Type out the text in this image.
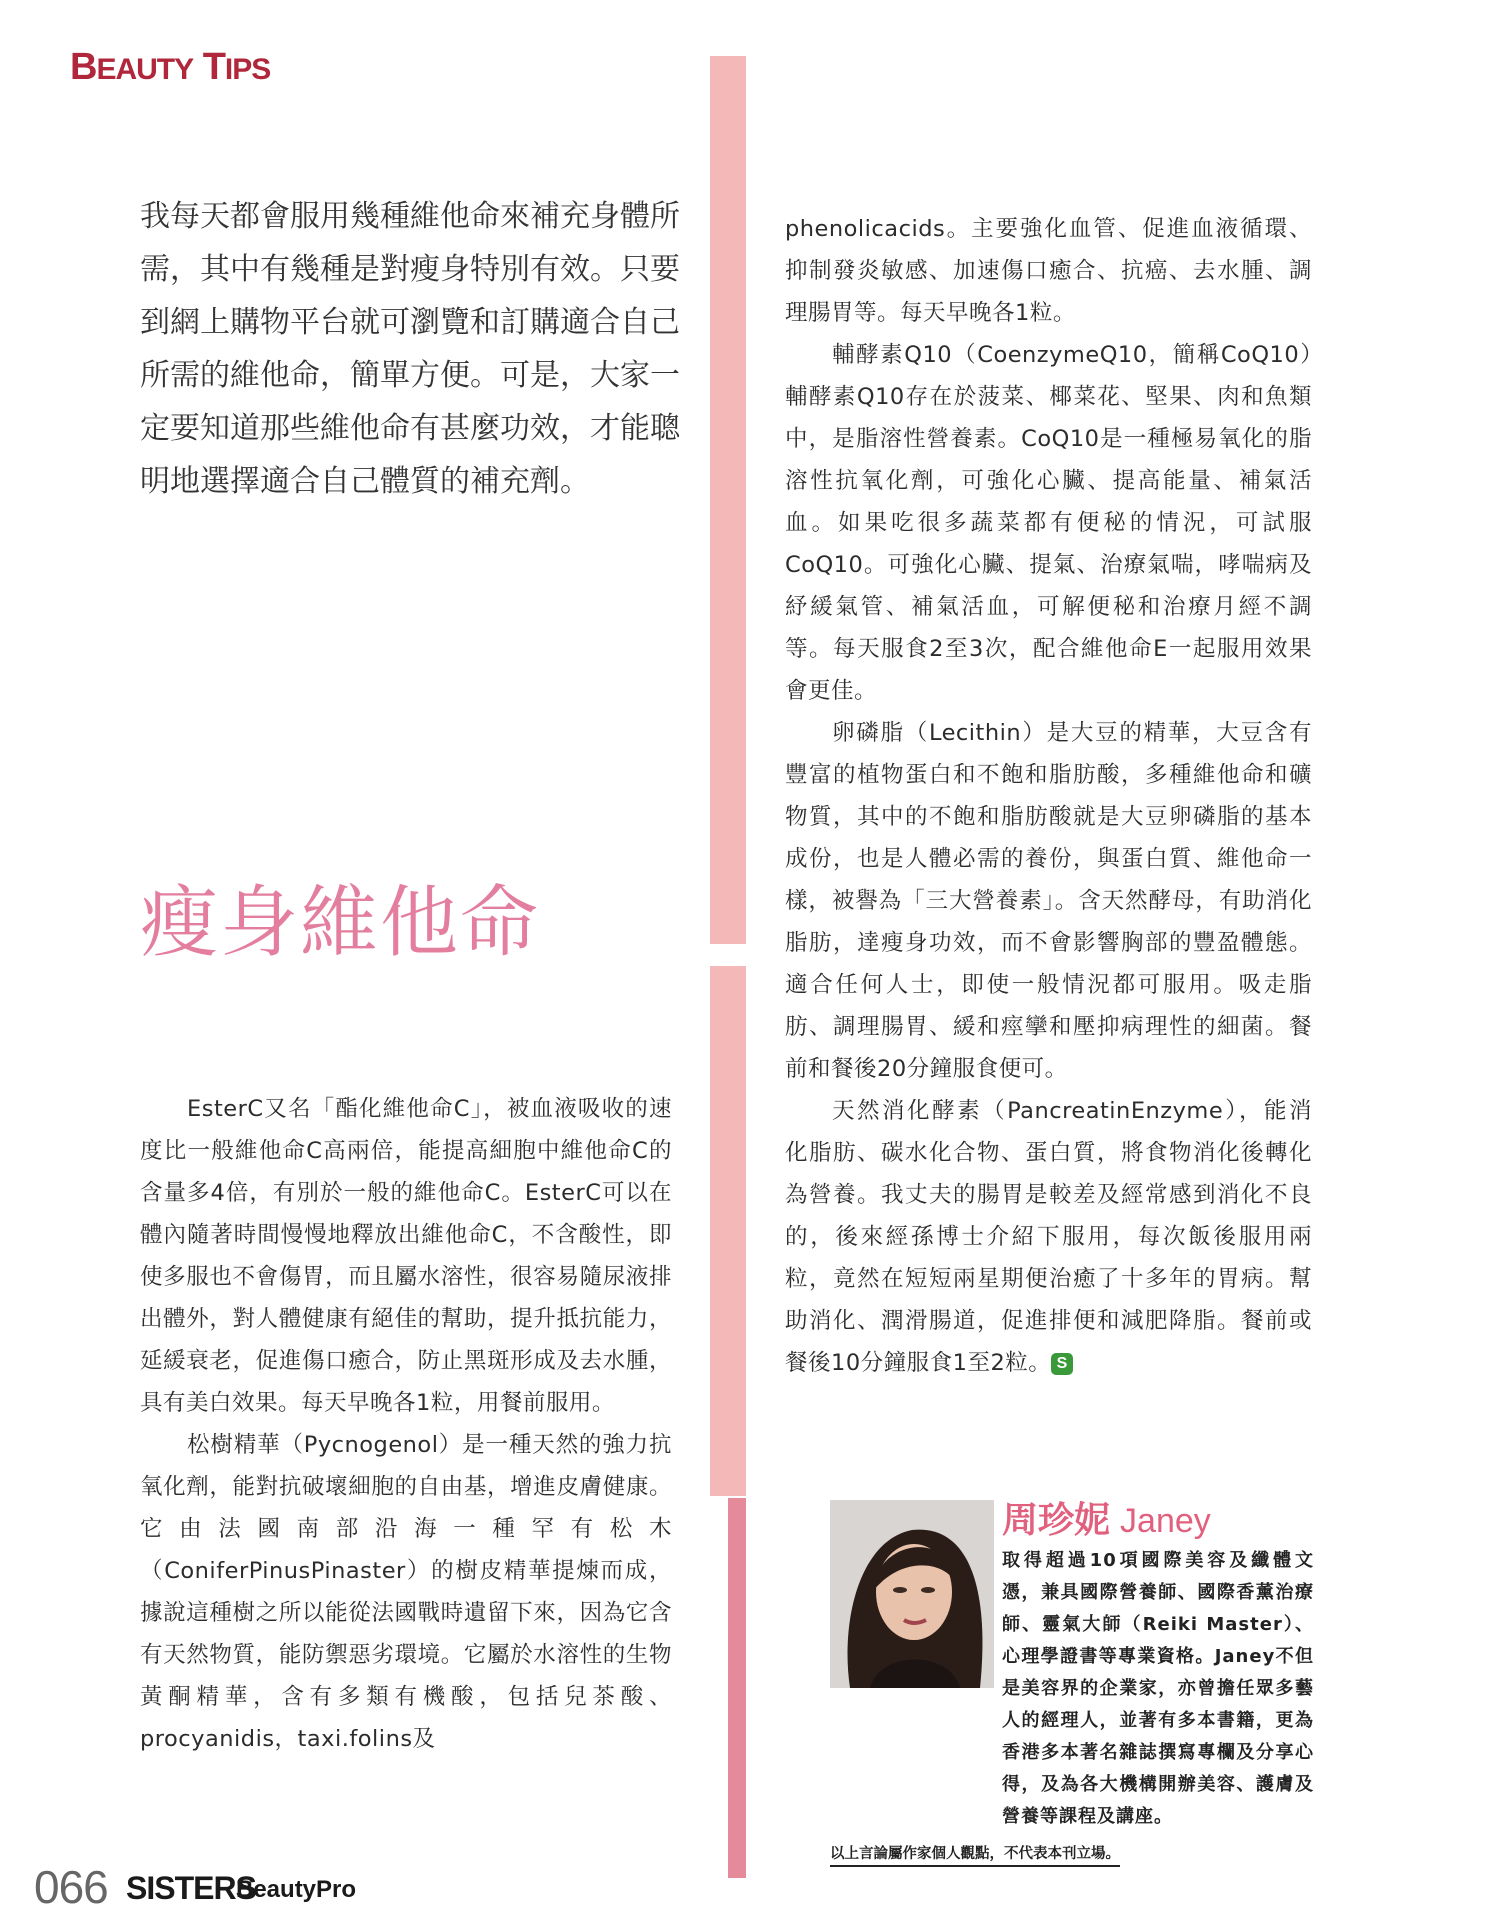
BEAUTY TIPS
我每天都會服用幾種維他命來補充身體所需，其中有幾種是對瘦身特別有效。只要到網上購物平台就可瀏覽和訂購適合自己所需的維他命，簡單方便。可是，大家一定要知道那些維他命有甚麼功效，才能聰明地選擇適合自己體質的補充劑。
瘦身維他命

EsterC又名「酯化維他命C」，被血液吸收的速度比一般維他命C高兩倍，能提高細胞中維他命C的含量多4倍，有別於一般的維他命C。EsterC可以在體內隨著時間慢慢地釋放出維他命C，不含酸性，即使多服也不會傷胃，而且屬水溶性，很容易隨尿液排出體外，對人體健康有絕佳的幫助，提升抵抗能力，延緩衰老，促進傷口癒合，防止黑斑形成及去水腫，具有美白效果。每天早晚各1粒，用餐前服用。

松樹精華（Pycnogenol）是一種天然的強力抗氧化劑，能對抗破壞細胞的自由基，增進皮膚健康。它由法國南部沿海一種罕有松木（ConiferPinusPinaster）的樹皮精華提煉而成，據說這種樹之所以能從法國戰時遺留下來，因為它含有天然物質，能防禦惡劣環境。它屬於水溶性的生物黃酮精華，含有多類有機酸，包括兒茶酸、procyanidis，taxi.folins及

phenolicacids。主要強化血管、促進血液循環、抑制發炎敏感、加速傷口癒合、抗癌、去水腫、調理腸胃等。每天早晚各1粒。

輔酵素Q10（CoenzymeQ10，簡稱CoQ10）輔酵素Q10存在於菠菜、椰菜花、堅果、肉和魚類中，是脂溶性營養素。CoQ10是一種極易氧化的脂溶性抗氧化劑，可強化心臟、提高能量、補氣活血。如果吃很多蔬菜都有便秘的情況，可試服CoQ10。可強化心臟、提氣、治療氣喘，哮喘病及紓緩氣管、補氣活血，可解便秘和治療月經不調等。每天服食2至3次，配合維他命E一起服用效果會更佳。

卵磷脂（Lecithin）是大豆的精華，大豆含有豐富的植物蛋白和不飽和脂肪酸，多種維他命和礦物質，其中的不飽和脂肪酸就是大豆卵磷脂的基本成份，也是人體必需的養份，與蛋白質、維他命一樣，被譽為「三大營養素」。含天然酵母，有助消化脂肪，達瘦身功效，而不會影響胸部的豐盈體態。適合任何人士，即使一般情況都可服用。吸走脂肪、調理腸胃、緩和痙攣和壓抑病理性的細菌。餐前和餐後20分鐘服食便可。

天然消化酵素（PancreatinEnzyme），能消化脂肪、碳水化合物、蛋白質，將食物消化後轉化為營養。我丈夫的腸胃是較差及經常感到消化不良的，後來經孫博士介紹下服用，每次飯後服用兩粒，竟然在短短兩星期便治癒了十多年的胃病。幫助消化、潤滑腸道，促進排便和減肥降脂。餐前或餐後10分鐘服食1至2粒。 S

周珍妮 Janey
取得超過10項國際美容及纖體文憑，兼具國際營養師、國際香薰治療師、靈氣大師（Reiki Master）、心理學證書等專業資格。Janey不但是美容界的企業家，亦曾擔任眾多藝人的經理人，並著有多本書籍，更為香港多本著名雜誌撰寫專欄及分享心得，及為各大機構開辦美容、護膚及營養等課程及講座。
以上言論屬作家個人觀點，不代表本刊立場。
066 SISTERS
BeautyPro
